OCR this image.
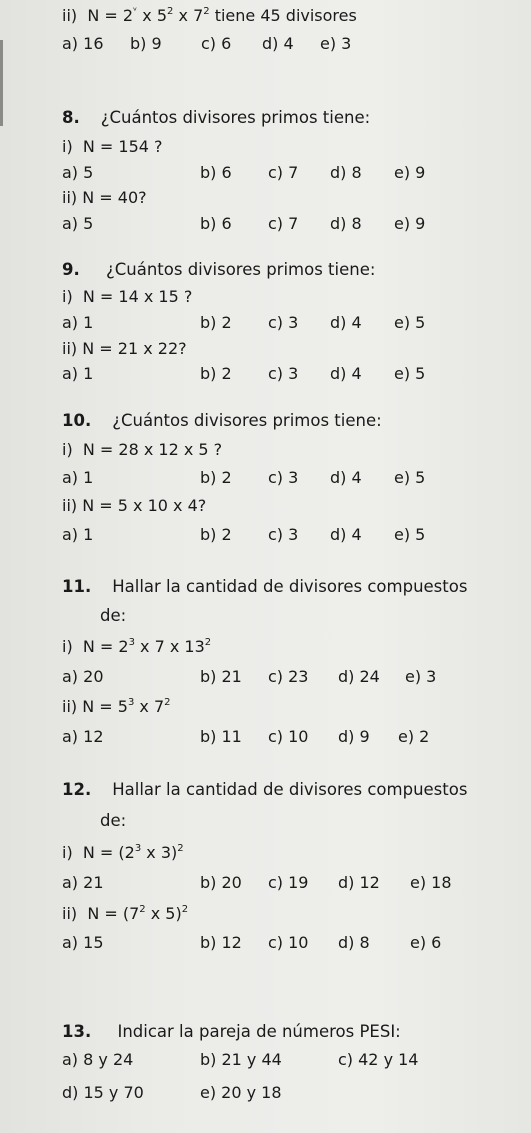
ii) $N = 2^ᵛ$ x $5^2$ x $7^2$ tiene 45 divisores
a) 16 b) 9 c) 6 d) 4 e) 3
8. ¿Cuántos divisores primos tiene:
i) N = 154 ?
a) 5	b) 6 c) 7 d) 8 e) 9
ii) N = 40?
a) 5	b) 6 c) 7 d) 8 e) 9
9. ¿Cuántos divisores primos tiene:
i) N = 14 x 15 ?
a) 1	b) 2 c) 3 d) 4 e) 5
ii) N = 21 x 22?
a) 1	b) 2 c) 3 d) 4 e) 5
10. ¿Cuántos divisores primos tiene:
i) N = 28 x 12 x 5 ?
a) 1	b) 2 c) 3 d) 4 e) 5
ii) N = 5 x 10 x 4?
a) 1	b) 2 c) 3 d) 4 e) 5
11. Hallar la cantidad de divisores compuestos
de:
i) $N = 2^3$ x 7 x $13^2$
a) 20	b) 21 c) 23 d) 24 e) 3
ii) $N = 5^3$ x $7^2$
a) 12	b) 11 c) 10 d) 9 e) 2
12. Hallar la cantidad de divisores compuestos
de:
i) $N = (2^3$ x 3)$^2$
a) 21	b) 20 c) 19 d) 12 e) 18
ii) $N = (7^2$ x 5)$^2$
a) 15	b) 12 c) 10 d) 8	e) 6
13. Indicar la pareja de números PESI:
a) 8 y 24	b) 21 y 44	c) 42 y 14
d) 15 y 70	e) 20 y 18
